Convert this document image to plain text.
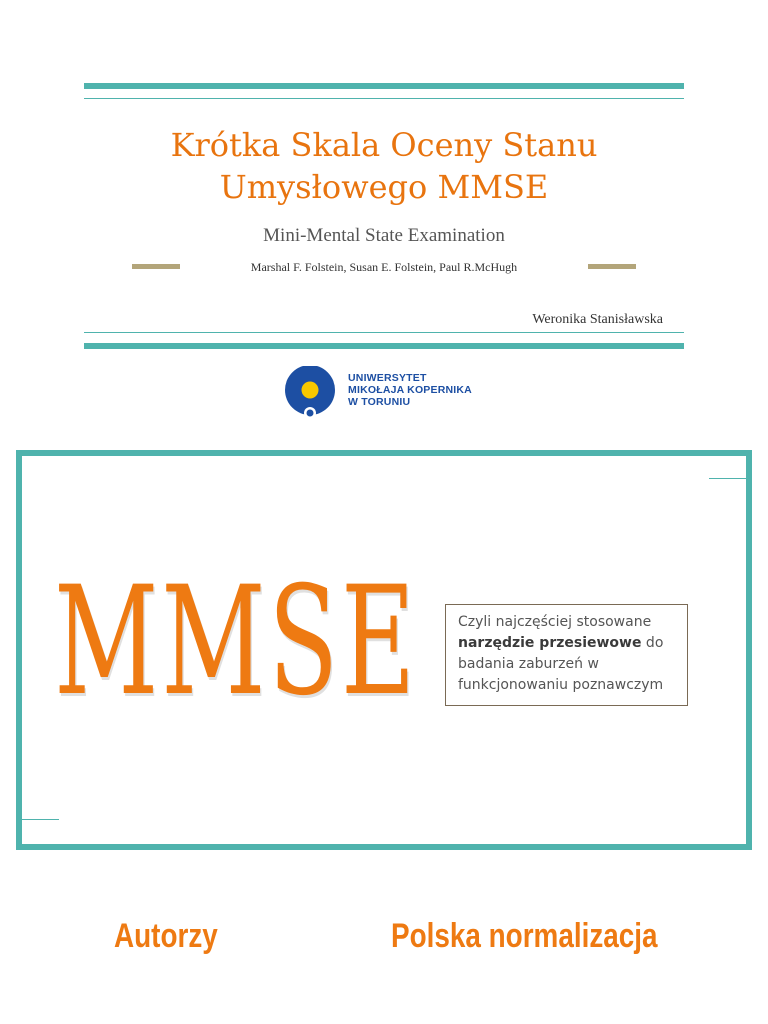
Krótka Skala Oceny Stanu
Umysłowego MMSE
Mini-Mental State Examination
Marshal F. Folstein, Susan E. Folstein, Paul R.McHugh
Weronika Stanisławska
UNIWERSYTET
MIKOŁAJA KOPERNIKA
W TORUNIU
MMSE	Czyli najczęściej stosowane narzędzie przesiewowe do badania zaburzeń w funkcjonowaniu poznawczym
Autorzy	Polska normalizacja
